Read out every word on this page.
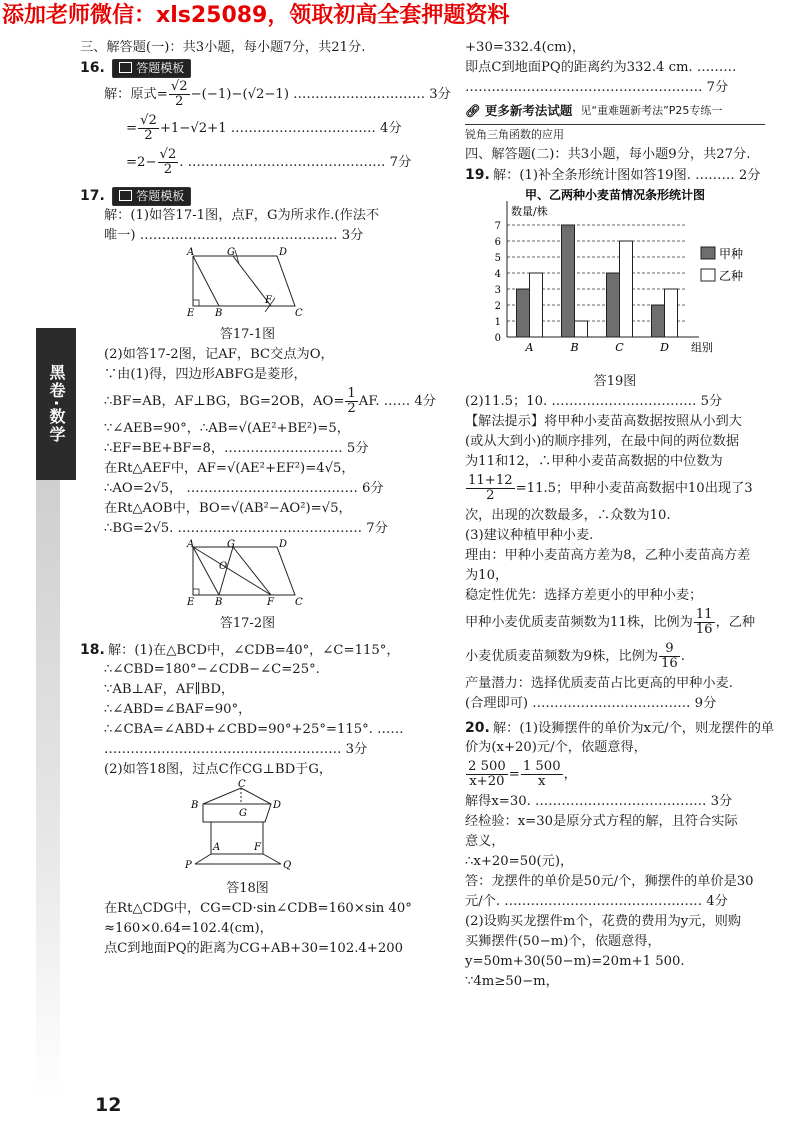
添加老师微信：xls25089，领取初高全套押题资料
黑卷·数学
三、解答题(一)：共3小题，每小题7分，共21分.
16.	答题模板
解：原式= $\frac{√2}{2} -(-1)-(√2-1)$ ………………………… 3分
= $\frac{√2}{2} +1-√2+1$ …………………………… 4分
$=2- \frac{√2}{2}$ . ……………………………………… 7分
17.	答题模板
解：(1)如答17-1图，点F，G为所求作.(作法不
唯一) ……………………………………… 3分
A	G	D
E B
F
C
答17-1图
(2)如答17-2图，记AF，BC交点为O，
∵由(1)得，四边形ABFG是菱形，
∴BF=AB，AF⊥BG，BG=2OB，$AO= \frac{1}{2}$ AF. …… 4分
∵∠AEB=90°，∴AB=√(AE²+BE²)=5，
∴EF=BE+BF=8，……………………… 5分
在Rt△AEF中，AF=√(AE²+EF²)=4√5，
∴AO=2√5， ………………………………… 6分
在Rt△AOB中，BO=√(AB²−AO²)=√5，
∴BG=2√5. …………………………………… 7分
A	G	D
O
E B	F C
答17-2图
18. 解：(1)在△BCD中，∠CDB=40°，∠C=115°，
∴∠CBD=180°−∠CDB−∠C=25°.
∵AB⊥AF，AF∥BD，
∴∠ABD=∠BAF=90°，
∴∠CBA=∠ABD+∠CBD=90°+25°=115°. ……
……………………………………………… 3分
(2)如答18图，过点C作CG⊥BD于G，
C
B
G
D
A	F
P	Q
答18图
在Rt△CDG中，CG=CD·sin∠CDB=160×sin 40°
≈160×0.64=102.4(cm)，
点C到地面PQ的距离为CG+AB+30=102.4+200
+30=332.4(cm)，
即点C到地面PQ的距离约为332.4 cm. ………
……………………………………………… 7分
🔗︎ 更多新考法试题 见“重难题新考法”P25专练一
锐角三角函数的应用
四、解答题(二)：共3小题，每小题9分，共27分.
19. 解：(1)补全条形统计图如答19图. ……… 2分
甲、乙两种小麦苗情况条形统计图
数量/株
0
1
2
3
4
5
6
7
A	B	C	D 组别
甲种
乙种
答19图
(2)11.5；10. …………………………… 5分
【解法提示】将甲种小麦苗高数据按照从小到大
(或从大到小)的顺序排列，在最中间的两位数据
为11和12，∴甲种小麦苗高数据的中位数为
$\frac{11+12}{2} =11.5$；甲种小麦苗高数据中10出现了3
次，出现的次数最多，∴众数为10.
(3)建议种植甲种小麦.
理由：甲种小麦苗高方差为8，乙种小麦苗高方差
为10，
稳定性优先：选择方差更小的甲种小麦；
甲种小麦优质麦苗频数为11株，比例为 $\frac{11}{16}$ ，乙种
小麦优质麦苗频数为9株，比例为 $\frac{9}{16}$ .
产量潜力：选择优质麦苗占比更高的甲种小麦.
(合理即可) ……………………………… 9分
20. 解：(1)设狮摆件的单价为x元/个，则龙摆件的单
价为(x+20)元/个，依题意得，
$\frac{2 500}{x+20} = \frac{1 500}{x}$ ，
解得x=30. ………………………………… 3分
经检验：x=30是原分式方程的解，且符合实际
意义，
∴x+20=50(元)，
答：龙摆件的单价是50元/个，狮摆件的单价是30
元/个. ……………………………………… 4分
(2)设购买龙摆件m个，花费的费用为y元，则购
买狮摆件(50−m)个，依题意得，
y=50m+30(50−m)=20m+1 500.
∵4m≥50−m，
12
